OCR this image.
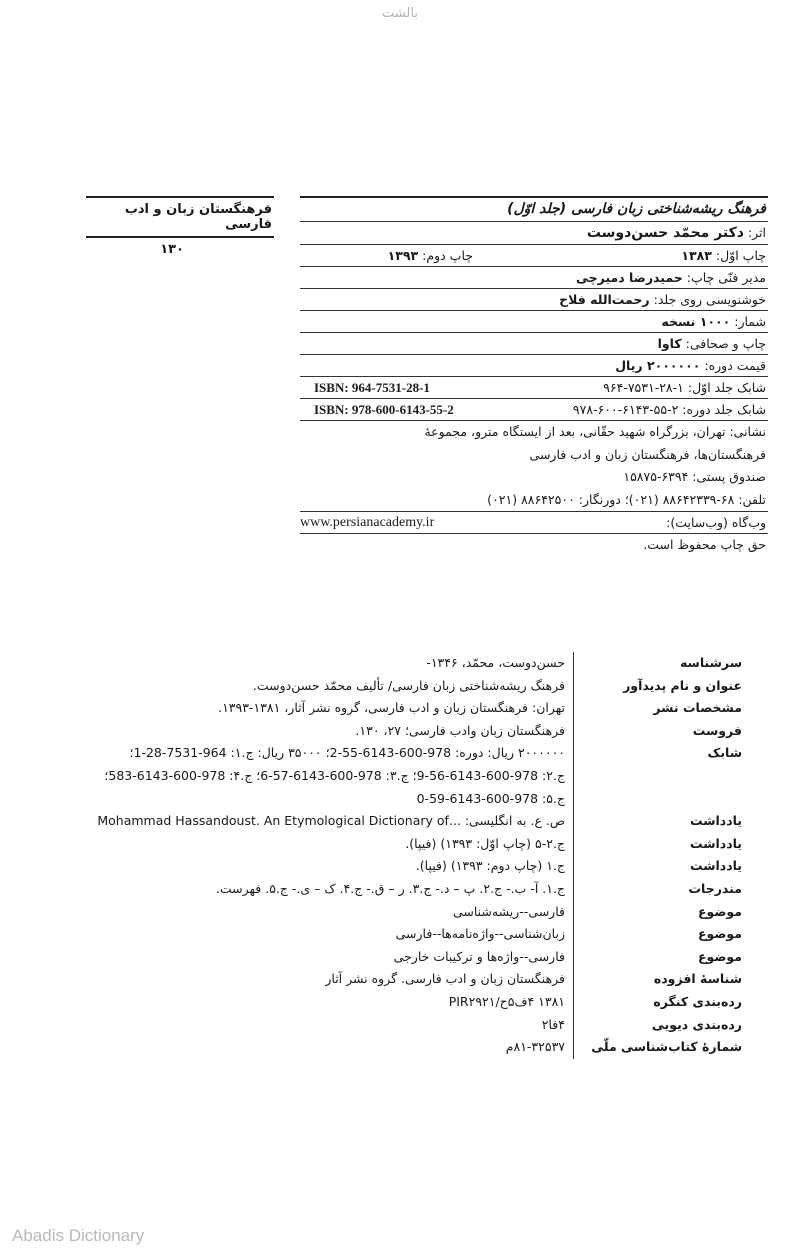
بالشت
فرهنگستان زبان و ادب فارسی
۱۳۰
فرهنگ ریشه‌شناختی زبان فارسی (جلد اوّل)
اثر: دکتر محمّد حسن‌دوست
چاپ اوّل: ۱۳۸۳
چاپ دوم: ۱۳۹۳
مدیر فنّی چاپ: حمیدرضا دمیرچی
خوشنویسی روی جلد: رحمت‌الله فلاح
شمار: ۱۰۰۰ نسخه
چاپ و صحافی: کاوا
قیمت دوره: ۲۰۰۰۰۰۰ ریال
شابک جلد اوّل: ۱-۲۸-۷۵۳۱-۹۶۴
ISBN: 964-7531-28-1
شابک جلد دوره: ۲-۵۵-۶۱۴۳-۶۰۰-۹۷۸
ISBN: 978-600-6143-55-2
نشانی: تهران، بزرگراه شهید حقّانی، بعد از ایستگاه مترو، مجموعهٔ
فرهنگستان‌ها، فرهنگستان زبان و ادب فارسی
صندوق پستی: ۶۳۹۴-۱۵۸۷۵
تلفن: ۶۸-۸۸۶۴۲۳۳۹ (۰۲۱)؛ دورنگار: ۸۸۶۴۲۵۰۰ (۰۲۱)
وب‌گاه (وب‌سایت):
www.persianacademy.ir
حق چاپ محفوظ است.
سرشناسه
حسن‌دوست، محمّد، ۱۳۴۶-
عنوان و نام پدیدآور
فرهنگ ریشه‌شناختی زبان فارسی/ تألیف محمّد حسن‌دوست.
مشخصات نشر
تهران: فرهنگستان زبان و ادب فارسی، گروه نشر آثار، ۱۳۸۱-۱۳۹۳.
فروست
فرهنگستان زبان وادب فارسی؛ ۲۷، ۱۳۰.
شابک
۲۰۰۰۰۰۰ ریال: دوره: 978-600-6143-55-2؛ ۳۵۰۰۰ ریال: ج.۱: 964-7531-28-1؛
ج.۲: 978-600-6143-56-9؛ ج.۳: 978-600-6143-57-6؛ ج.۴: 978-600-6143-583؛
ج.۵: 978-600-6143-59-0
یادداشت
ص. ع. به انگلیسی: ...Mohammad Hassandoust. An Etymological Dictionary of
یادداشت
ج.۲-۵ (چاپ اوّل: ۱۳۹۳) (فیپا).
یادداشت
ج.۱ (چاپ دوم: ۱۳۹۳) (فیپا).
مندرجات
ج.۱. آ- ب.- ج.۲. پ – د.- ج.۳. ر – ق.- ج.۴. ک – ی.- ج.۵. فهرست.
موضوع
فارسی--ریشه‌شناسی
موضوع
زبان‌شناسی--واژه‌نامه‌ها--فارسی
موضوع
فارسی--واژه‌ها و ترکیبات خارجی
شناسهٔ افزوده
فرهنگستان زبان و ادب فارسی. گروه نشر آثار
رده‌بندی کنگره
۱۳۸۱ ۴ف۵ح/PIR۲۹۲۱
رده‌بندی دیویی
۴فا۲
شمارهٔ کتاب‌شناسی ملّی
۸۱-۳۲۵۳۷م
Abadis Dictionary
